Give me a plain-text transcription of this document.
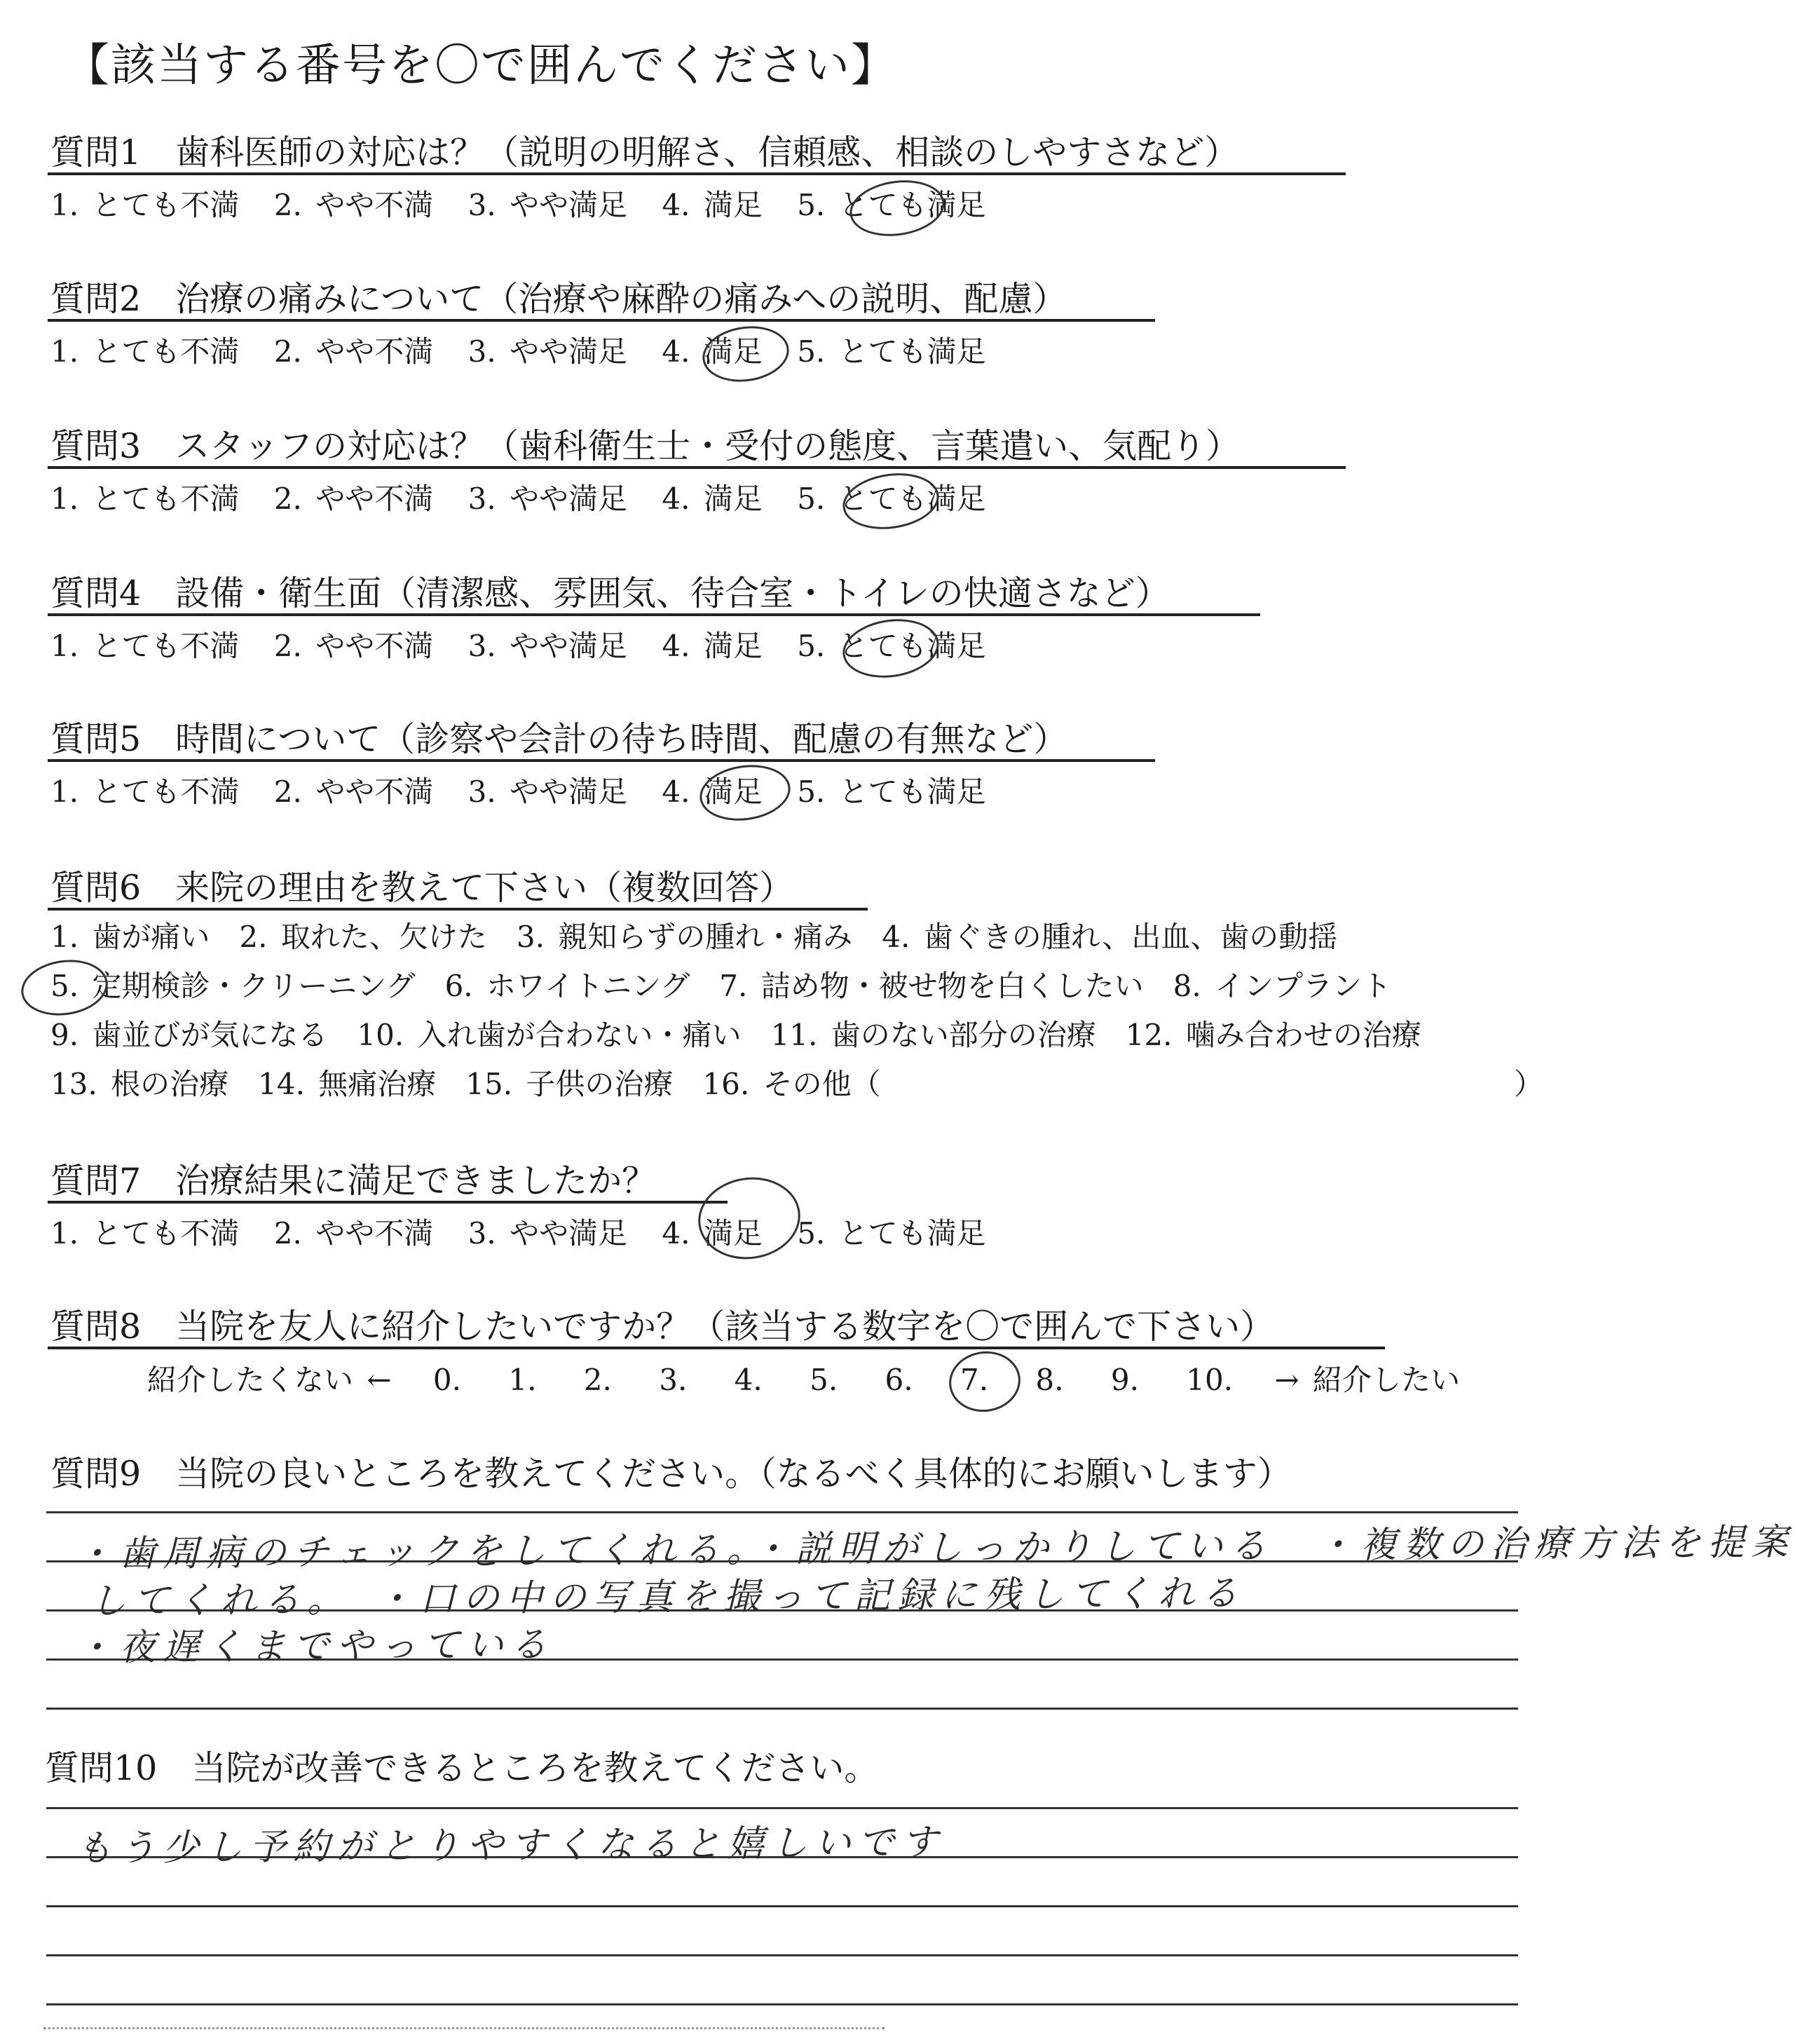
【該当する番号を〇で囲んでください】
質問1　歯科医師の対応は？（説明の明解さ、信頼感、相談のしやすさなど）
1. とても不満 2. やや不満 3. やや満足 4. 満足 5. とても満足
質問2　治療の痛みについて（治療や麻酔の痛みへの説明、配慮）
1. とても不満 2. やや不満 3. やや満足 4. 満足 5. とても満足
質問3　スタッフの対応は？（歯科衛生士・受付の態度、言葉遣い、気配り）
1. とても不満 2. やや不満 3. やや満足 4. 満足 5. とても満足
質問4　設備・衛生面（清潔感、雰囲気、待合室・トイレの快適さなど）
1. とても不満 2. やや不満 3. やや満足 4. 満足 5. とても満足
質問5　時間について（診察や会計の待ち時間、配慮の有無など）
1. とても不満 2. やや不満 3. やや満足 4. 満足 5. とても満足
質問6　来院の理由を教えて下さい（複数回答）
1. 歯が痛い　2. 取れた、欠けた　3. 親知らずの腫れ・痛み　4. 歯ぐきの腫れ、出血、歯の動揺
5. 定期検診・クリーニング　6. ホワイトニング　7. 詰め物・被せ物を白くしたい　8. インプラント
9. 歯並びが気になる　10. 入れ歯が合わない・痛い　11. 歯のない部分の治療　12. 噛み合わせの治療
13. 根の治療　14. 無痛治療　15. 子供の治療　16. その他（	）
質問7　治療結果に満足できましたか？
1. とても不満 2. やや不満 3. やや満足 4. 満足 5. とても満足
質問8　当院を友人に紹介したいですか？（該当する数字を〇で囲んで下さい）
紹介したくない ← 0. 1. 2. 3. 4. 5. 6. 7. 8. 9. 10. → 紹介したい
質問9　当院の良いところを教えてください。（なるべく具体的にお願いします）
・歯周病のチェックをしてくれる。・説明がしっかりしている　・複数の治療方法を提案
してくれる。　・口の中の写真を撮って記録に残してくれる
・夜遅くまでやっている
質問10　当院が改善できるところを教えてください。
もう少し予約がとりやすくなると嬉しいです
